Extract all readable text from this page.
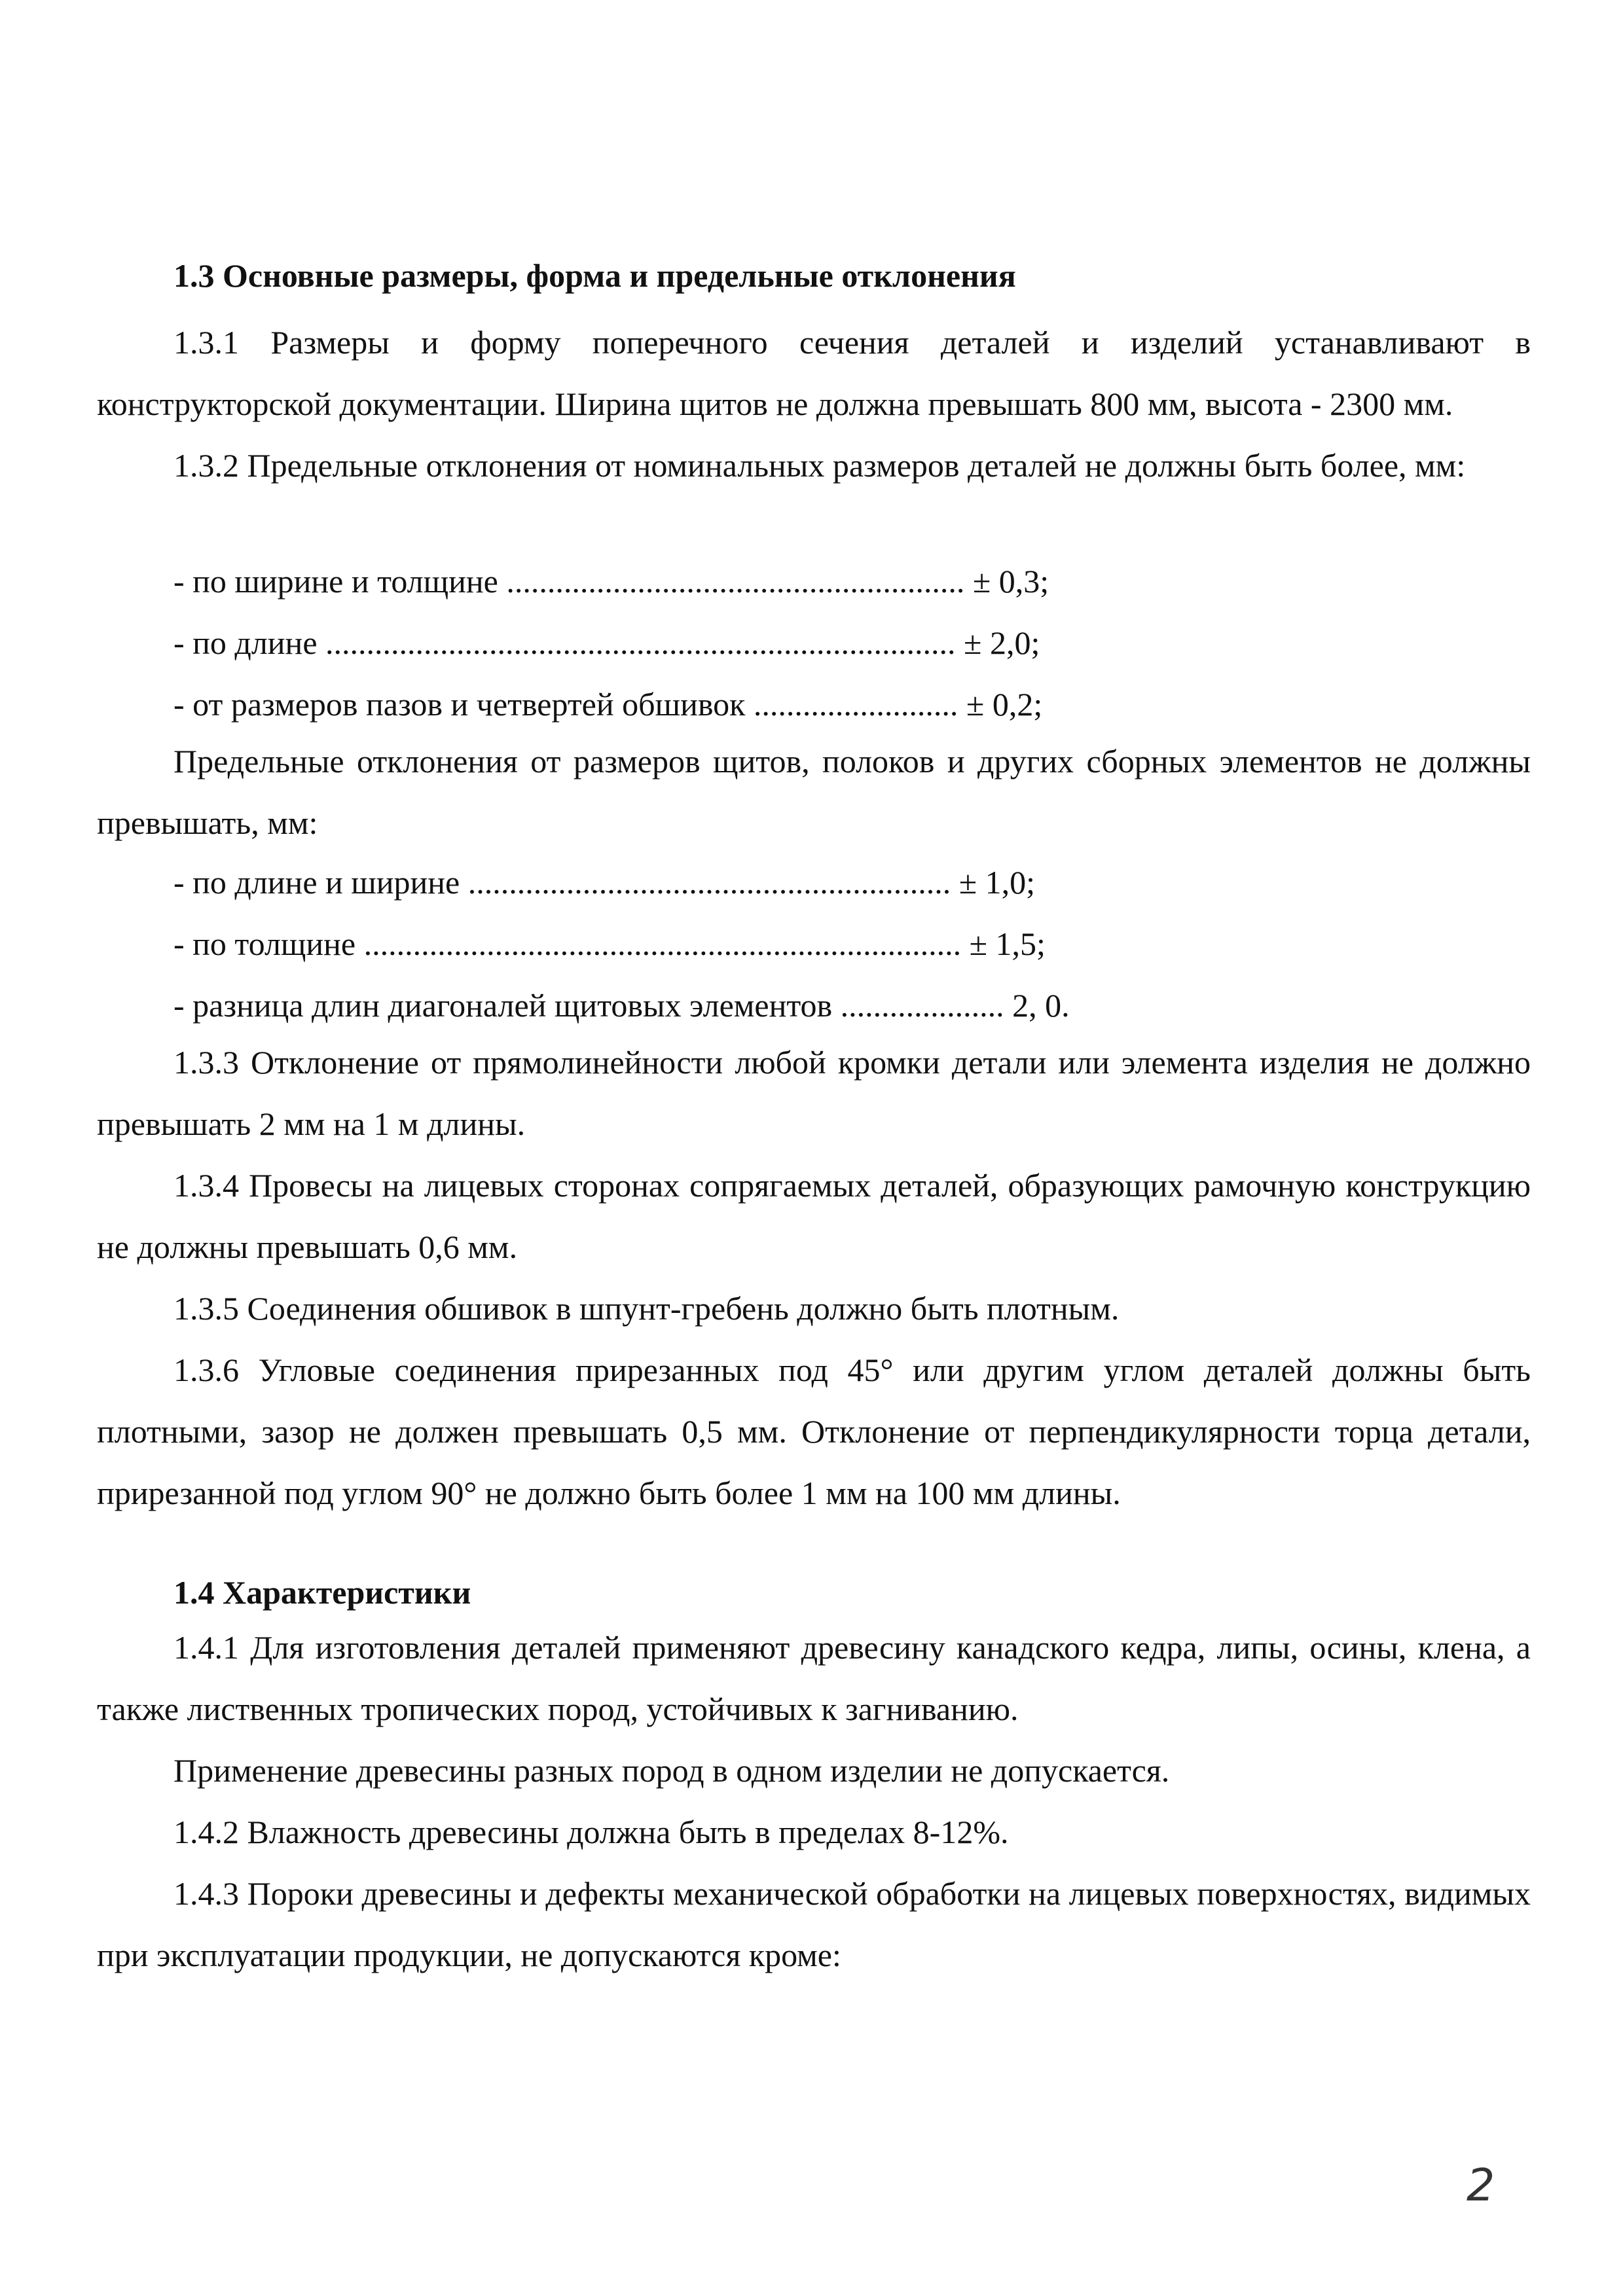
1.3 Основные размеры, форма и предельные отклонения

1.3.1 Размеры и форму поперечного сечения деталей и изделий устанавливают в конструкторской документации. Ширина щитов не должна превышать 800 мм, высота - 2300 мм.

1.3.2 Предельные отклонения от номинальных размеров деталей не должны быть более, мм:

- по ширине и толщине ........................................................ ± 0,3;
- по длине ............................................................................. ± 2,0;
- от размеров пазов и четвертей обшивок ......................... ± 0,2;

Предельные отклонения от размеров щитов, полоков и других сборных элементов не должны превышать, мм:

- по длине и ширине ........................................................... ± 1,0;
- по толщине ......................................................................... ± 1,5;
- разница длин диагоналей щитовых элементов .................... 2, 0.

1.3.3 Отклонение от прямолинейности любой кромки детали или элемента изделия не должно превышать 2 мм на 1 м длины.

1.3.4 Провесы на лицевых сторонах сопрягаемых деталей, образующих рамочную конструкцию не должны превышать 0,6 мм.

1.3.5 Соединения обшивок в шпунт-гребень должно быть плотным.

1.3.6 Угловые соединения прирезанных под 45° или другим углом деталей должны быть плотными, зазор не должен превышать 0,5 мм. Отклонение от перпендикулярности торца детали, прирезанной под углом 90° не должно быть более 1 мм на 100 мм длины.

1.4 Характеристики

1.4.1 Для изготовления деталей применяют древесину канадского кедра, липы, осины, клена, а также лиственных тропических пород, устойчивых к загниванию.

Применение древесины разных пород в одном изделии не допускается.

1.4.2 Влажность древесины должна быть в пределах 8-12%.

1.4.3 Пороки древесины и дефекты механической обработки на лицевых поверхностях, видимых при эксплуатации продукции, не допускаются кроме:

2
